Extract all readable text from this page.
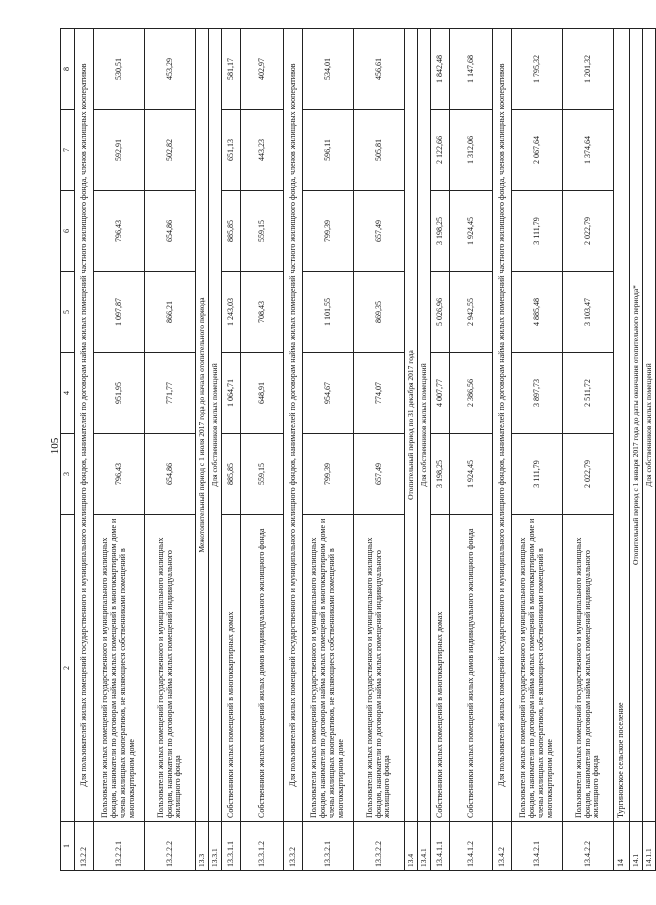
105
1	2	3	4	5	6	7	8
13.2.2	Для пользователей жилых помещений государственного и муниципального жилищного фондов, нанимателей по договорам найма жилых помещений частного жилищного фонда, членов жилищных кооперативов						
13.2.2.1	Пользователи жилых помещений государственного и муниципального жилищных фондов, наниматели по договорам найма жилых помещений в многоквартирном доме и члены жилищных кооперативов, не являющиеся собственниками помещений в многоквартирном доме	796,43	951,95	1 097,87	796,43	592,91	530,51
13.2.2.2	Пользователи жилых помещений государственного и муниципального жилищных фондов, наниматели по договорам найма жилых помещений индивидуального жилищного фонда	654,86	771,77	866,21	654,86	502,82	453,29
13.3	Межотопительный период с 1 июля 2017 года до начала отопительного периода						
13.3.1	Для собственников жилых помещений						
13.3.1.1	Собственники жилых помещений в многоквартирных домах	885,85	1 064,71	1 243,03	885,85	651,13	581,17
13.3.1.2	Собственники жилых помещений жилых домов индивидуального жилищного фонда	559,15	648,91	708,43	559,15	443,23	402,97
13.3.2	Для пользователей жилых помещений государственного и муниципального жилищного фондов, нанимателей по договорам найма жилых помещений частного жилищного фонда, членов жилищных кооперативов						
13.3.2.1	Пользователи жилых помещений государственного и муниципального жилищных фондов, наниматели по договорам найма жилых помещений в многоквартирном доме и члены жилищных кооперативов, не являющиеся собственниками помещений в многоквартирном доме	799,39	954,67	1 101,55	799,39	596,11	534,01
13.3.2.2	Пользователи жилых помещений государственного и муниципального жилищных фондов, наниматели по договорам найма жилых помещений индивидуального жилищного фонда	657,49	774,07	869,35	657,49	505,81	456,61
13.4	Отопительный период по 31 декабря 2017 года						
13.4.1	Для собственников жилых помещений						
13.4.1.1	Собственники жилых помещений в многоквартирных домах	3 198,25	4 007,77	5 026,96	3 198,25	2 122,66	1 842,48
13.4.1.2	Собственники жилых помещений жилых домов индивидуального жилищного фонда	1 924,45	2 386,56	2 942,55	1 924,45	1 312,06	1 147,68
13.4.2	Для пользователей жилых помещений государственного и муниципального жилищного фондов, нанимателей по договорам найма жилых помещений частного жилищного фонда, членов жилищных кооперативов						
13.4.2.1	Пользователи жилых помещений государственного и муниципального жилищных фондов, наниматели по договорам найма жилых помещений в многоквартирном доме и члены жилищных кооперативов, не являющиеся собственниками помещений в многоквартирном доме	3 111,79	3 897,73	4 885,48	3 111,79	2 067,64	1 795,32
13.4.2.2	Пользователи жилых помещений государственного и муниципального жилищных фондов, наниматели по договорам найма жилых помещений индивидуального жилищного фонда	2 022,79	2 511,72	3 103,47	2 022,79	1 374,64	1 201,32
14	Тургиновское сельское поселение						
14.1	Отопительный период с 1 января 2017 года до даты окончания отопительного периода*						
14.1.1	Для собственников жилых помещений						
